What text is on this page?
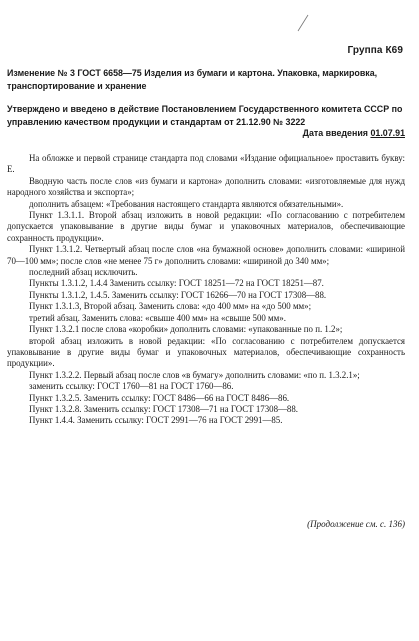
Группа К69
Изменение № 3 ГОСТ 6658—75 Изделия из бумаги и картона. Упаковка, маркировка, транспортирование и хранение
Утверждено и введено в действие Постановлением Государственного комитета СССР по управлению качеством продукции и стандартам от 21.12.90 № 3222
Дата введения 01.07.91

На обложке и первой странице стандарта под словами «Издание официальное» проставить букву: Е.

Вводную часть после слов «из бумаги и картона» дополнить словами: «изготовляемые для нужд народного хозяйства и экспорта»;

дополнить абзацем: «Требования настоящего стандарта являются обязательными».

Пункт 1.3.1.1. Второй абзац изложить в новой редакции: «По согласованию с потребителем допускается упаковывание в другие виды бумаг и упаковочных материалов, обеспечивающие сохранность продукции».

Пункт 1.3.1.2. Четвертый абзац после слов «на бумажной основе» дополнить словами: «шириной 70—100 мм»; после слов «не менее 75 г» дополнить словами: «шириной до 340 мм»;

последний абзац исключить.

Пункты 1.3.1.2, 1.4.4 Заменить ссылку: ГОСТ 18251—72 на ГОСТ 18251—87.

Пункты 1.3.1.2, 1.4.5. Заменить ссылку: ГОСТ 16266—70 на ГОСТ 17308—88.

Пункт 1.3.1.3, Второй абзац. Заменить слова: «до 400 мм» на «до 500 мм»;

третий абзац. Заменить слова: «свыше 400 мм» на «свыше 500 мм».

Пункт 1.3.2.1 после слова «коробки» дополнить словами: «упакованные по п. 1.2»;

второй абзац изложить в новой редакции: «По согласованию с потребителем допускается упаковывание в другие виды бумаг и упаковочных материалов, обеспечивающие сохранность продукции».

Пункт 1.3.2.2. Первый абзац после слов «в бумагу» дополнить словами: «по п. 1.3.2.1»;

заменить ссылку: ГОСТ 1760—81 на ГОСТ 1760—86.

Пункт 1.3.2.5. Заменить ссылку: ГОСТ 8486—66 на ГОСТ 8486—86.

Пункт 1.3.2.8. Заменить ссылку: ГОСТ 17308—71 на ГОСТ 17308—88.

Пункт 1.4.4. Заменить ссылку: ГОСТ 2991—76 на ГОСТ 2991—85.

(Продолжение см. с. 136)
